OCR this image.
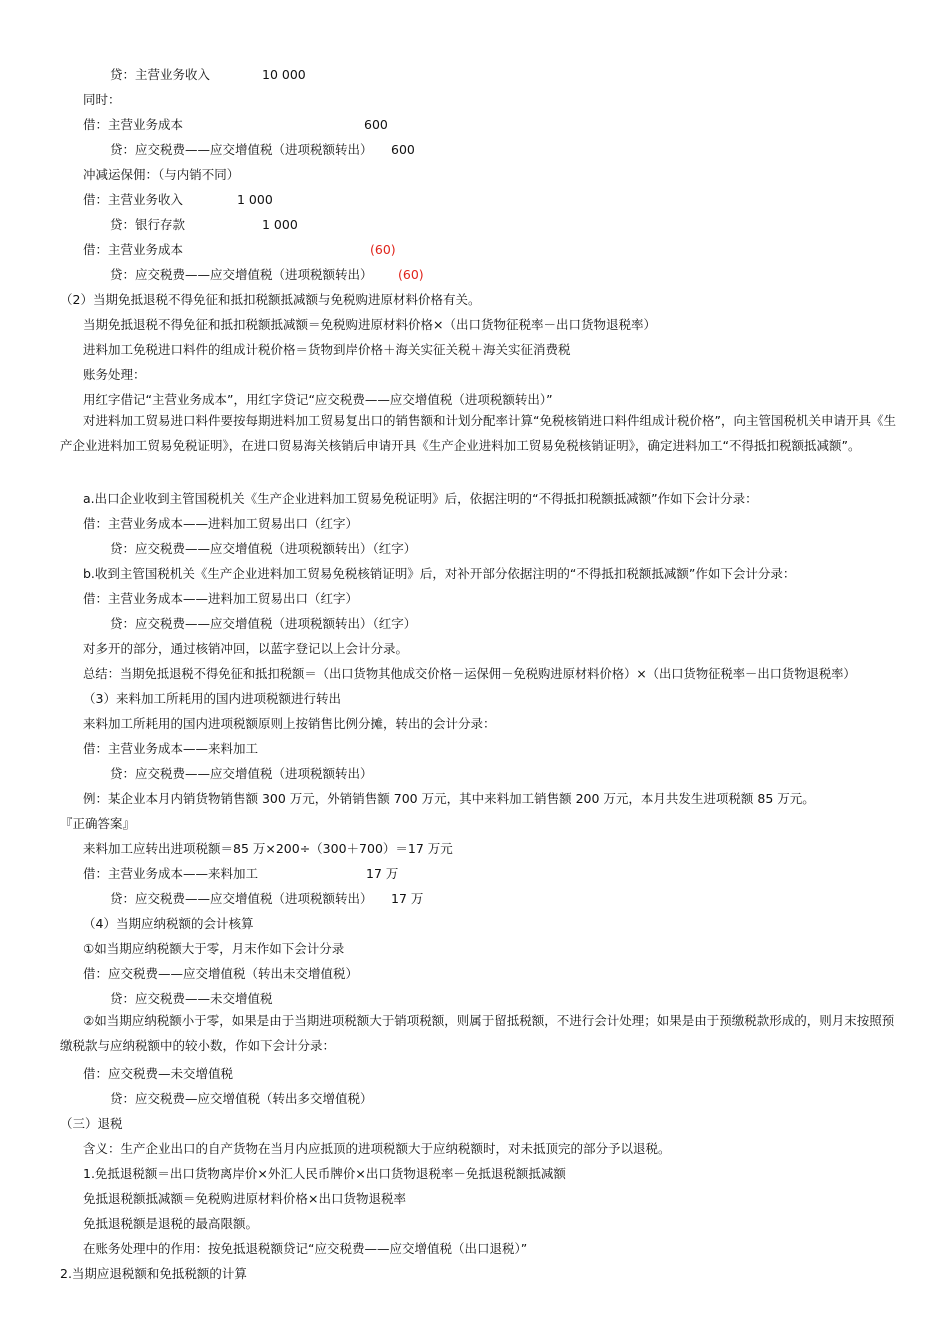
贷：主营业务收入	10 000
同时：
借：主营业务成本	600
贷：应交税费——应交增值税（进项税额转出） 600
冲减运保佣：（与内销不同）
借：主营业务收入	1 000
贷：银行存款	1 000
借：主营业务成本	(60)
贷：应交税费——应交增值税（进项税额转出） (60)
（2）当期免抵退税不得免征和抵扣税额抵减额与免税购进原材料价格有关。
当期免抵退税不得免征和抵扣税额抵减额＝免税购进原材料价格×（出口货物征税率－出口货物退税率）
进料加工免税进口料件的组成计税价格＝货物到岸价格＋海关实征关税＋海关实征消费税
账务处理：
用红字借记“主营业务成本”，用红字贷记“应交税费——应交增值税（进项税额转出）”
对进料加工贸易进口料件要按每期进料加工贸易复出口的销售额和计划分配率计算“免税核销进口料件组成计税价格”，向主管国税机关申请开具《生产企业进料加工贸易免税证明》，在进口贸易海关核销后申请开具《生产企业进料加工贸易免税核销证明》，确定进料加工“不得抵扣税额抵减额”。
a.出口企业收到主管国税机关《生产企业进料加工贸易免税证明》后，依据注明的“不得抵扣税额抵减额”作如下会计分录：
借：主营业务成本——进料加工贸易出口（红字）
贷：应交税费——应交增值税（进项税额转出）（红字）
b.收到主管国税机关《生产企业进料加工贸易免税核销证明》后，对补开部分依据注明的“不得抵扣税额抵减额”作如下会计分录：
借：主营业务成本——进料加工贸易出口（红字）
贷：应交税费——应交增值税（进项税额转出）（红字）
对多开的部分，通过核销冲回，以蓝字登记以上会计分录。
总结：当期免抵退税不得免征和抵扣税额＝（出口货物其他成交价格－运保佣－免税购进原材料价格）×（出口货物征税率－出口货物退税率）
（3）来料加工所耗用的国内进项税额进行转出
来料加工所耗用的国内进项税额原则上按销售比例分摊，转出的会计分录：
借：主营业务成本——来料加工
贷：应交税费——应交增值税（进项税额转出）
例：某企业本月内销货物销售额 300 万元，外销销售额 700 万元，其中来料加工销售额 200 万元，本月共发生进项税额 85 万元。
『正确答案』
来料加工应转出进项税额＝85 万×200÷（300＋700）＝17 万元
借：主营业务成本——来料加工	17 万
贷：应交税费——应交增值税（进项税额转出） 17 万
（4）当期应纳税额的会计核算
①如当期应纳税额大于零，月末作如下会计分录
借：应交税费——应交增值税（转出未交增值税）
贷：应交税费——未交增值税
②如当期应纳税额小于零，如果是由于当期进项税额大于销项税额，则属于留抵税额，不进行会计处理；如果是由于预缴税款形成的，则月末按照预缴税款与应纳税额中的较小数，作如下会计分录：
借：应交税费—未交增值税
贷：应交税费—应交增值税（转出多交增值税）
（三）退税
含义：生产企业出口的自产货物在当月内应抵顶的进项税额大于应纳税额时，对未抵顶完的部分予以退税。
1.免抵退税额＝出口货物离岸价×外汇人民币牌价×出口货物退税率－免抵退税额抵减额
免抵退税额抵减额＝免税购进原材料价格×出口货物退税率
免抵退税额是退税的最高限额。
在账务处理中的作用：按免抵退税额贷记“应交税费——应交增值税（出口退税）”
2.当期应退税额和免抵税额的计算
